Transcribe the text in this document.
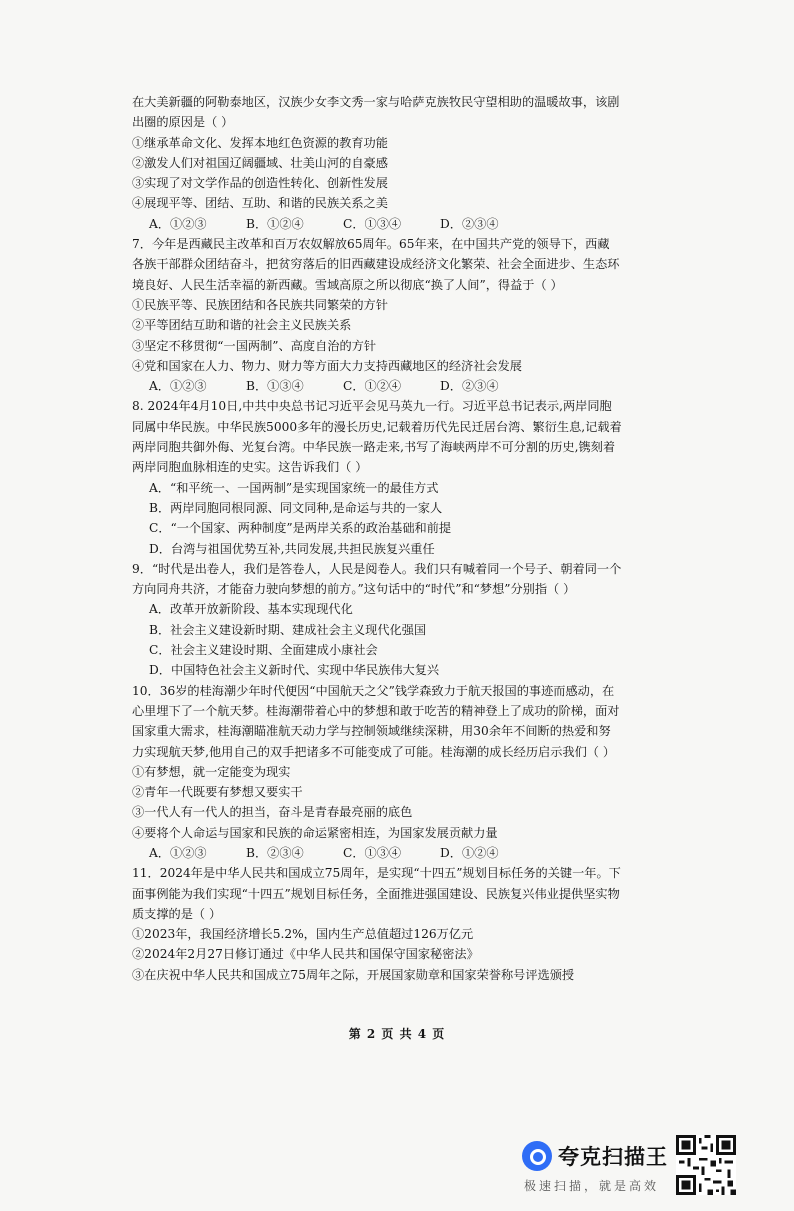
在大美新疆的阿勒泰地区，汉族少女李文秀一家与哈萨克族牧民守望相助的温暖故事，该剧
出圈的原因是（ ）
①继承革命文化、发挥本地红色资源的教育功能
②激发人们对祖国辽阔疆域、壮美山河的自豪感
③实现了对文学作品的创造性转化、创新性发展
④展现平等、团结、互助、和谐的民族关系之美
A．①②③	B．①②④	C．①③④	D．②③④
7．今年是西藏民主改革和百万农奴解放65周年。65年来，在中国共产党的领导下，西藏
各族干部群众团结奋斗，把贫穷落后的旧西藏建设成经济文化繁荣、社会全面进步、生态环
境良好、人民生活幸福的新西藏。雪域高原之所以彻底“换了人间”，得益于（ ）
①民族平等、民族团结和各民族共同繁荣的方针
②平等团结互助和谐的社会主义民族关系
③坚定不移贯彻“一国两制”、高度自治的方针
④党和国家在人力、物力、财力等方面大力支持西藏地区的经济社会发展
A．①②③	B．①③④	C．①②④	D．②③④
8. 2024年4月10日,中共中央总书记习近平会见马英九一行。习近平总书记表示,两岸同胞
同属中华民族。中华民族5000多年的漫长历史,记载着历代先民迁居台湾、繁衍生息,记载着
两岸同胞共御外侮、光复台湾。中华民族一路走来,书写了海峡两岸不可分割的历史,镌刻着
两岸同胞血脉相连的史实。这告诉我们（ ）
A．“和平统一、一国两制”是实现国家统一的最佳方式
B．两岸同胞同根同源、同文同种,是命运与共的一家人
C．“一个国家、两种制度”是两岸关系的政治基础和前提
D．台湾与祖国优势互补,共同发展,共担民族复兴重任
9．“时代是出卷人，我们是答卷人，人民是阅卷人。我们只有喊着同一个号子、朝着同一个
方向同舟共济，才能奋力驶向梦想的前方。”这句话中的“时代”和“梦想”分别指（ ）
A．改革开放新阶段、基本实现现代化
B．社会主义建设新时期、建成社会主义现代化强国
C．社会主义建设时期、全面建成小康社会
D．中国特色社会主义新时代、实现中华民族伟大复兴
10．36岁的桂海潮少年时代便因“中国航天之父”钱学森致力于航天报国的事迹而感动，在
心里埋下了一个航天梦。桂海潮带着心中的梦想和敢于吃苦的精神登上了成功的阶梯，面对
国家重大需求，桂海潮瞄准航天动力学与控制领域继续深耕，用30余年不间断的热爱和努
力实现航天梦,他用自己的双手把诸多不可能变成了可能。桂海潮的成长经历启示我们（ ）
①有梦想，就一定能变为现实
②青年一代既要有梦想又要实干
③一代人有一代人的担当，奋斗是青春最亮丽的底色
④要将个人命运与国家和民族的命运紧密相连，为国家发展贡献力量
A．①②③	B．②③④	C．①③④	D．①②④
11．2024年是中华人民共和国成立75周年，是实现“十四五”规划目标任务的关键一年。下
面事例能为我们实现“十四五”规划目标任务，全面推进强国建设、民族复兴伟业提供坚实物
质支撑的是（ ）
①2023年，我国经济增长5.2%，国内生产总值超过126万亿元
②2024年2月27日修订通过《中华人民共和国保守国家秘密法》
③在庆祝中华人民共和国成立75周年之际，开展国家勋章和国家荣誉称号评选颁授
第 2 页 共 4 页
夸克扫描王
极速扫描，就是高效
